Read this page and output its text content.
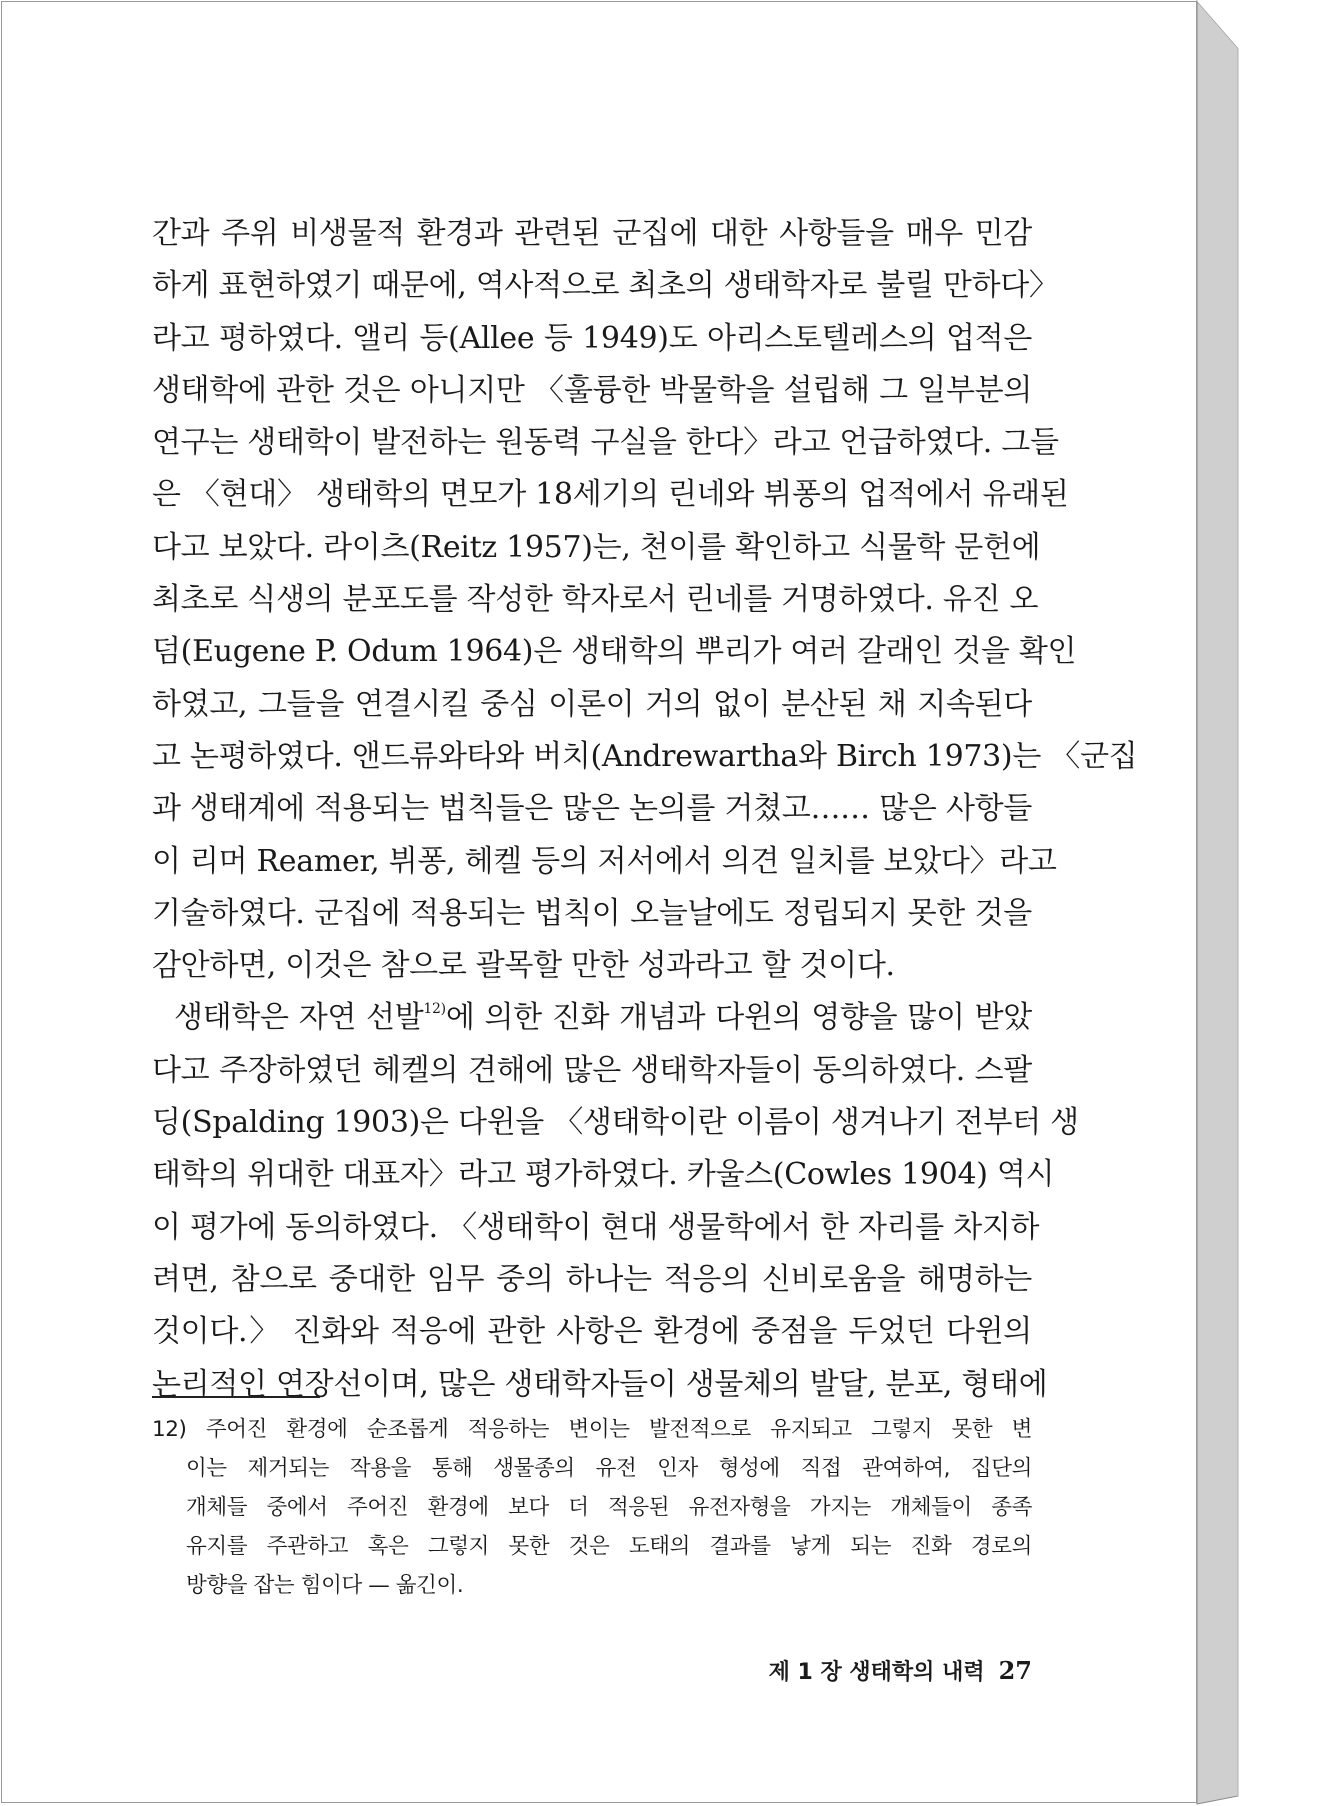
간과 주위 비생물적 환경과 관련된 군집에 대한 사항들을 매우 민감
하게 표현하였기 때문에, 역사적으로 최초의 생태학자로 불릴 만하다〉
라고 평하였다. 앨리 등(Allee 등 1949)도 아리스토텔레스의 업적은
생태학에 관한 것은 아니지만 〈훌륭한 박물학을 설립해 그 일부분의
연구는 생태학이 발전하는 원동력 구실을 한다〉라고 언급하였다. 그들
은 〈현대〉 생태학의 면모가 18세기의 린네와 뷔퐁의 업적에서 유래된
다고 보았다. 라이츠(Reitz 1957)는, 천이를 확인하고 식물학 문헌에
최초로 식생의 분포도를 작성한 학자로서 린네를 거명하였다. 유진 오
덤(Eugene P. Odum 1964)은 생태학의 뿌리가 여러 갈래인 것을 확인
하였고, 그들을 연결시킬 중심 이론이 거의 없이 분산된 채 지속된다
고 논평하였다. 앤드류와타와 버치(Andrewartha와 Birch 1973)는 〈군집
과 생태계에 적용되는 법칙들은 많은 논의를 거쳤고…… 많은 사항들
이 리머 Reamer, 뷔퐁, 헤켈 등의 저서에서 의견 일치를 보았다〉라고
기술하였다. 군집에 적용되는 법칙이 오늘날에도 정립되지 못한 것을
감안하면, 이것은 참으로 괄목할 만한 성과라고 할 것이다.
생태학은 자연 선발$^{12)}$에 의한 진화 개념과 다윈의 영향을 많이 받았
다고 주장하였던 헤켈의 견해에 많은 생태학자들이 동의하였다. 스팔
딩(Spalding 1903)은 다윈을 〈생태학이란 이름이 생겨나기 전부터 생
태학의 위대한 대표자〉라고 평가하였다. 카울스(Cowles 1904) 역시
이 평가에 동의하였다. 〈생태학이 현대 생물학에서 한 자리를 차지하
려면, 참으로 중대한 임무 중의 하나는 적응의 신비로움을 해명하는
것이다.〉 진화와 적응에 관한 사항은 환경에 중점을 두었던 다윈의
논리적인 연장선이며, 많은 생태학자들이 생물체의 발달, 분포, 형태에
12) 주어진 환경에 순조롭게 적응하는 변이는 발전적으로 유지되고 그렇지 못한 변
이는 제거되는 작용을 통해 생물종의 유전 인자 형성에 직접 관여하여, 집단의
개체들 중에서 주어진 환경에 보다 더 적응된 유전자형을 가지는 개체들이 종족
유지를 주관하고 혹은 그렇지 못한 것은 도태의 결과를 낳게 되는 진화 경로의
방향을 잡는 힘이다 — 옮긴이.
제 1 장 생태학의 내력 27
